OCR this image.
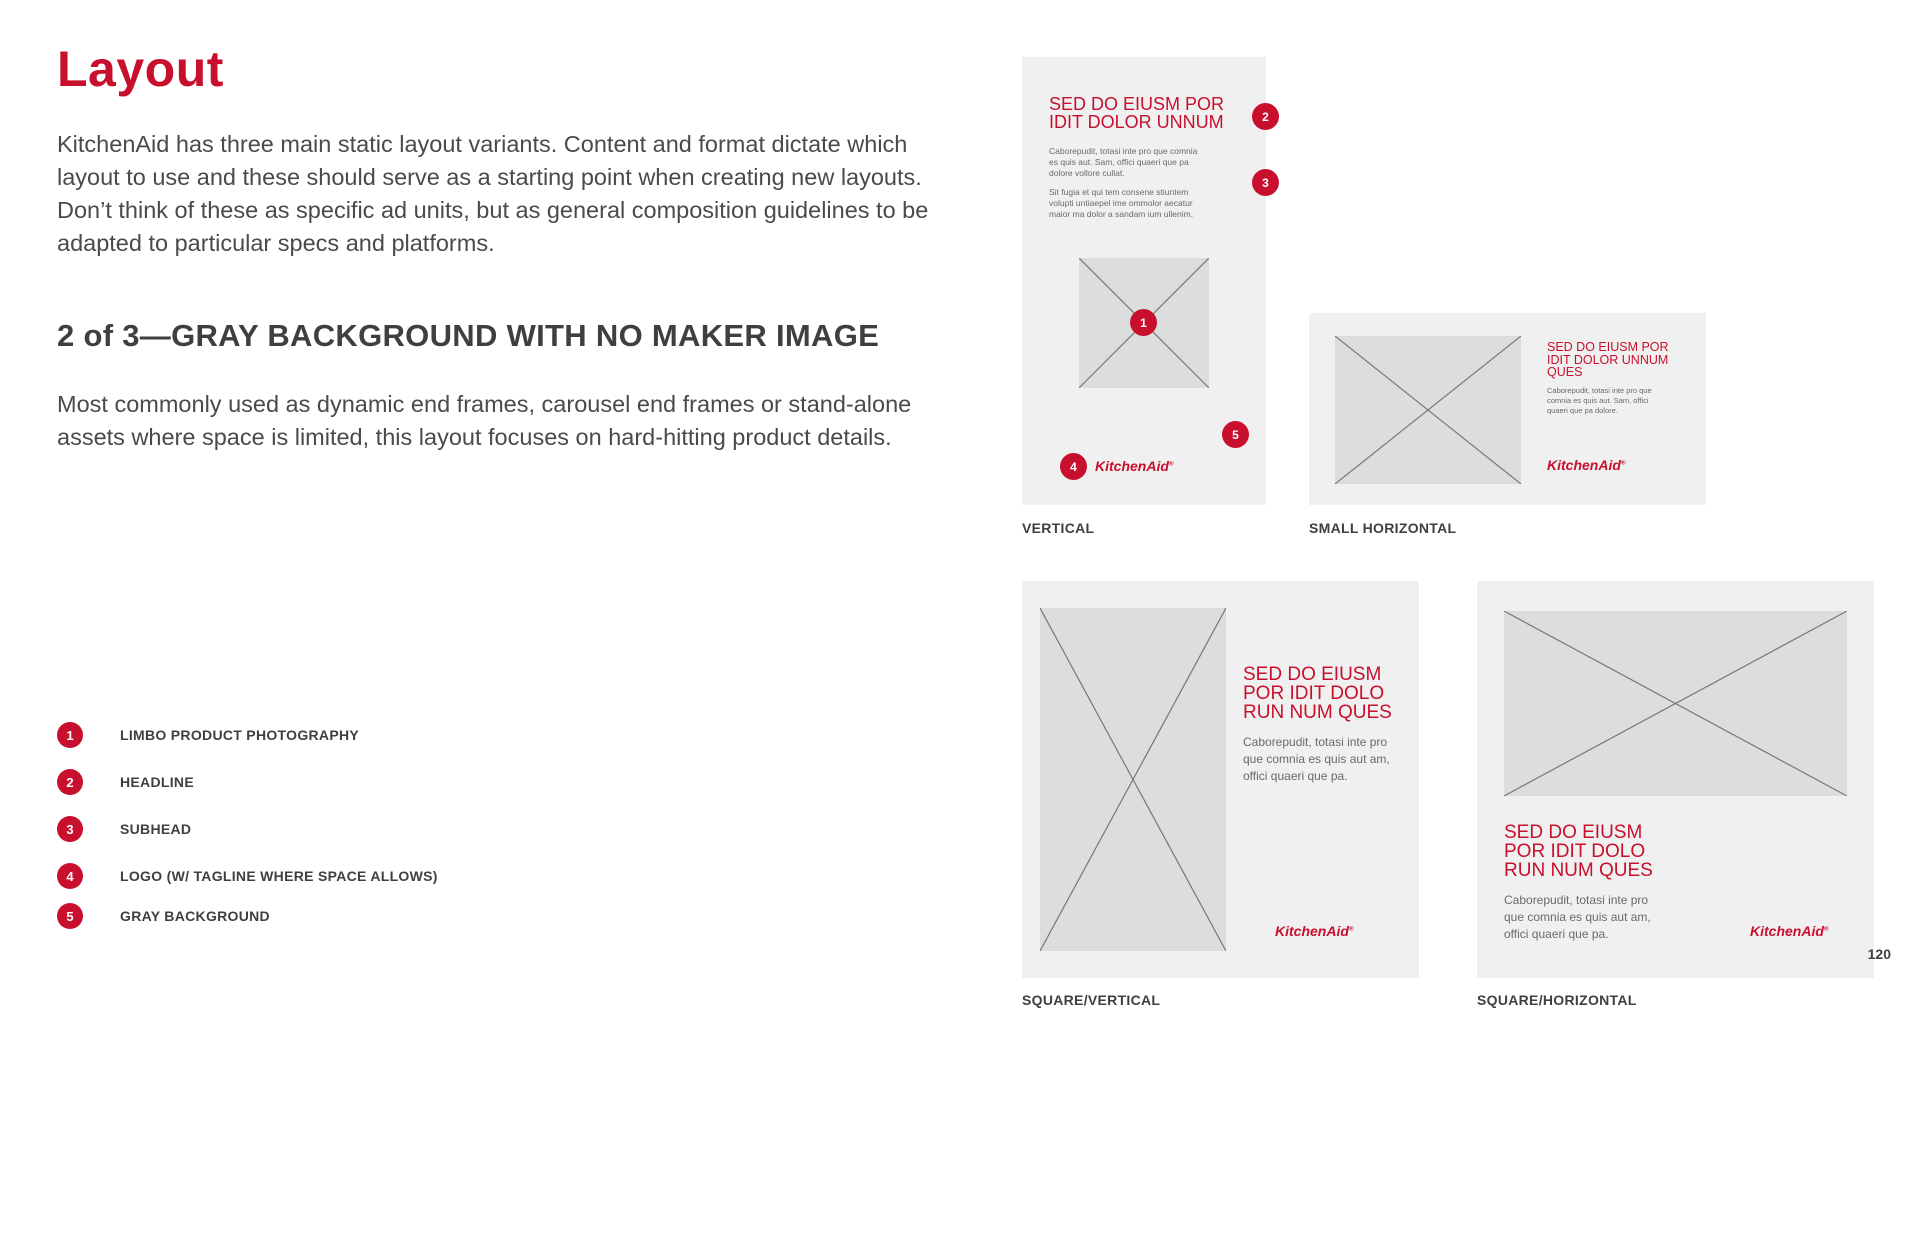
Layout
KitchenAid has three main static layout variants. Content and format dictate which layout to use and these should serve as a starting point when creating new layouts. Don’t think of these as specific ad units, but as general composition guidelines to be adapted to particular specs and platforms.
2 of 3—GRAY BACKGROUND WITH NO MAKER IMAGE
Most commonly used as dynamic end frames, carousel end frames or stand-alone assets where space is limited, this layout focuses on hard-hitting product details.
1	LIMBO PRODUCT PHOTOGRAPHY
2	HEADLINE
3	SUBHEAD
4	LOGO (W/ TAGLINE WHERE SPACE ALLOWS)
5	GRAY BACKGROUND
SED DO EIUSM POR IDIT DOLOR UNNUM
Caborepudit, totasi inte pro que comnia es quis aut. Sam, offici quaeri que pa dolore vollore cullat.
Sit fugia et qui tem consene stiuntem volupti untiaepel ime ommolor aecatur maior ma dolor a sandam ium ullenim.
1
4	KitchenAid®
5
2
3
VERTICAL
SED DO EIUSM POR IDIT DOLOR UNNUM QUES
Caborepudit, totasi inte pro que comnia es quis aut. Sam, offici quaeri que pa dolore.
KitchenAid®
SMALL HORIZONTAL
SED DO EIUSM POR IDIT DOLO RUN NUM QUES
Caborepudit, totasi inte pro que comnia es quis aut am, offici quaeri que pa.
KitchenAid®
SQUARE/VERTICAL
SED DO EIUSM POR IDIT DOLO RUN NUM QUES
Caborepudit, totasi inte pro que comnia es quis aut am, offici quaeri que pa.	KitchenAid®
SQUARE/HORIZONTAL
120
